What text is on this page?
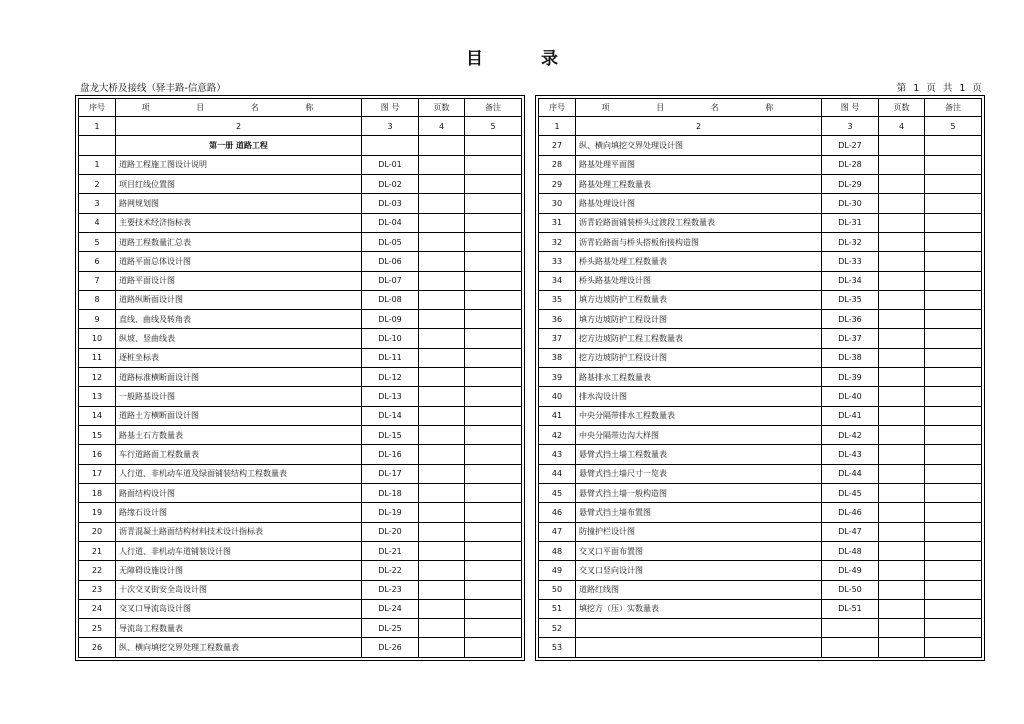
目 录
盘龙大桥及接线（驿丰路-信意路）	第 1 页 共 1 页
序号	项 目 名 称	图 号	页数	备注
1	2	3	4	5
	第一册 道路工程			
1	道路工程施工图设计说明	DL-01		
2	项目红线位置图	DL-02		
3	路网规划图	DL-03		
4	主要技术经济指标表	DL-04		
5	道路工程数量汇总表	DL-05		
6	道路平面总体设计图	DL-06		
7	道路平面设计图	DL-07		
8	道路纵断面设计图	DL-08		
9	直线、曲线及转角表	DL-09		
10	纵坡、竖曲线表	DL-10		
11	逐桩坐标表	DL-11		
12	道路标准横断面设计图	DL-12		
13	一般路基设计图	DL-13		
14	道路土方横断面设计图	DL-14		
15	路基土石方数量表	DL-15		
16	车行道路面工程数量表	DL-16		
17	人行道、非机动车道及绿面铺装结构工程数量表	DL-17		
18	路面结构设计图	DL-18		
19	路缘石设计图	DL-19		
20	沥青混凝土路面结构材料技术设计指标表	DL-20		
21	人行道、非机动车道铺装设计图	DL-21		
22	无障碍设施设计图	DL-22		
23	十次交叉街安全岛设计图	DL-23		
24	交叉口导流岛设计图	DL-24		
25	导流岛工程数量表	DL-25		
26	纵、横向填挖交界处理工程数量表	DL-26		
序号	项 目 名 称	图 号	页数	备注
1	2	3	4	5
27	纵、横向填挖交界处理设计图	DL-27		
28	路基处理平面图	DL-28		
29	路基处理工程数量表	DL-29		
30	路基处理设计图	DL-30		
31	沥青砼路面铺装桥头过渡段工程数量表	DL-31		
32	沥青砼路面与桥头搭板衔接构造图	DL-32		
33	桥头路基处理工程数量表	DL-33		
34	桥头路基处理设计图	DL-34		
35	填方边坡防护工程数量表	DL-35		
36	填方边坡防护工程设计图	DL-36		
37	挖方边坡防护工程工程数量表	DL-37		
38	挖方边坡防护工程设计图	DL-38		
39	路基排水工程数量表	DL-39		
40	排水沟设计图	DL-40		
41	中央分隔带排水工程数量表	DL-41		
42	中央分隔带边沟大样图	DL-42		
43	悬臂式挡土墙工程数量表	DL-43		
44	悬臂式挡土墙尺寸一览表	DL-44		
45	悬臂式挡土墙一般构造图	DL-45		
46	悬臂式挡土墙布置图	DL-46		
47	防撞护栏设计图	DL-47		
48	交叉口平面布置图	DL-48		
49	交叉口竖向设计图	DL-49		
50	道路红线图	DL-50		
51	填挖方（压）实数量表	DL-51		
52				
53				
